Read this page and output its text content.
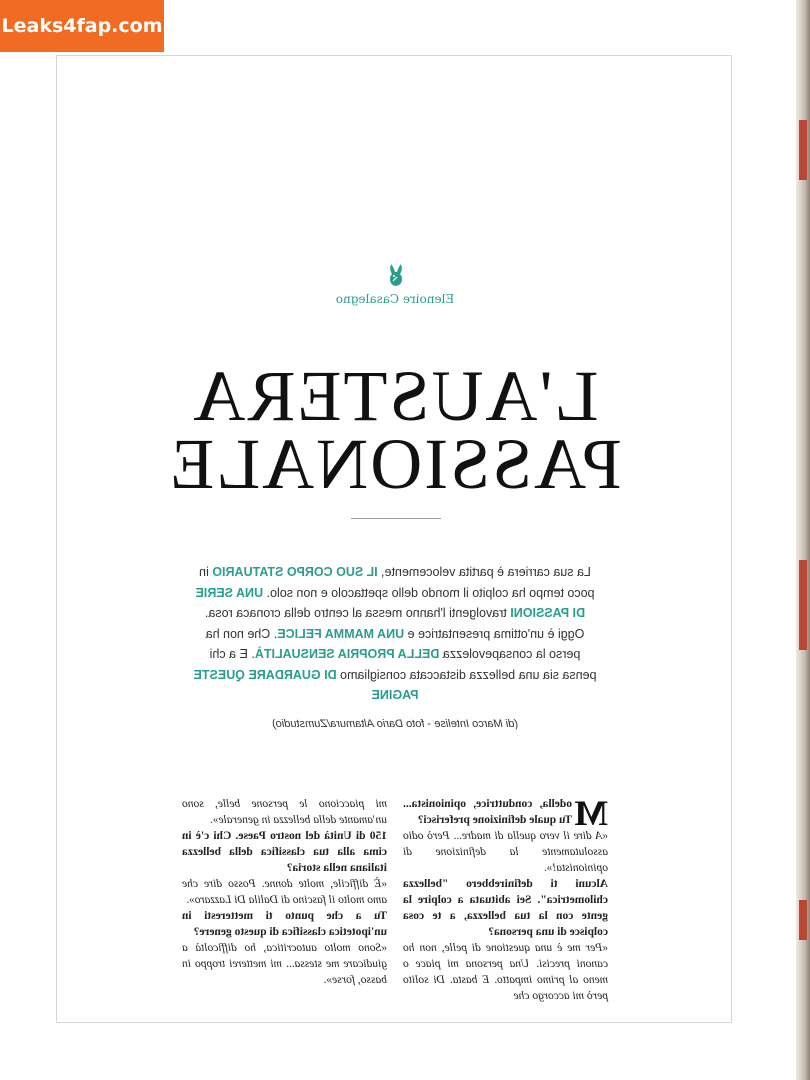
Leaks4fap.com
Elenoire Casalegno
L'AUSTERA
PASSIONALE
La sua carriera è partita velocemente, IL SUO CORPO STATUARIO in poco tempo ha colpito il mondo dello spettacolo e non solo. UNA SERIE DI PASSIONI travolgenti l'hanno messa al centro della cronaca rosa. Oggi è un'ottima presentatrice e UNA MAMMA FELICE. Che non ha perso la consapevolezza DELLA PROPRIA SENSUALITÀ. E a chi pensa sia una bellezza distaccata consigliamo DI GUARDARE QUESTE PAGINE
(di Marco Intelise - foto Dario Altamura/Zumstudio)

M
odella, conduttrice, opinionista... Tu quale definizione preferisci?

«A dire il vero quella di madre... Però odio assolutamente la definizione di opinionista!».

Alcuni ti definirebbero "bellezza chilometrica". Sei abituata a colpire la gente con la tua bellezza, a te cosa colpisce di una persona?

«Per me è una questione di pelle, non ho canoni precisi. Una persona mi piace o meno al primo impatto. E basta. Di solito però mi accorgo che

mi piacciono le persone belle, sono un'amante della bellezza in generale».

150 di Unità del nostro Paese. Chi c'è in cima alla tua classifica della bellezza italiana nella storia?

«È difficile, molte donne. Posso dire che amo molto il fascino di Dalila Di Lazzaro».

Tu a che punto ti metteresti in un'ipotetica classifica di questo genere?

«Sono molto autocritica, ho difficoltà a giudicare me stessa... mi metterei troppo in basso, forse».
